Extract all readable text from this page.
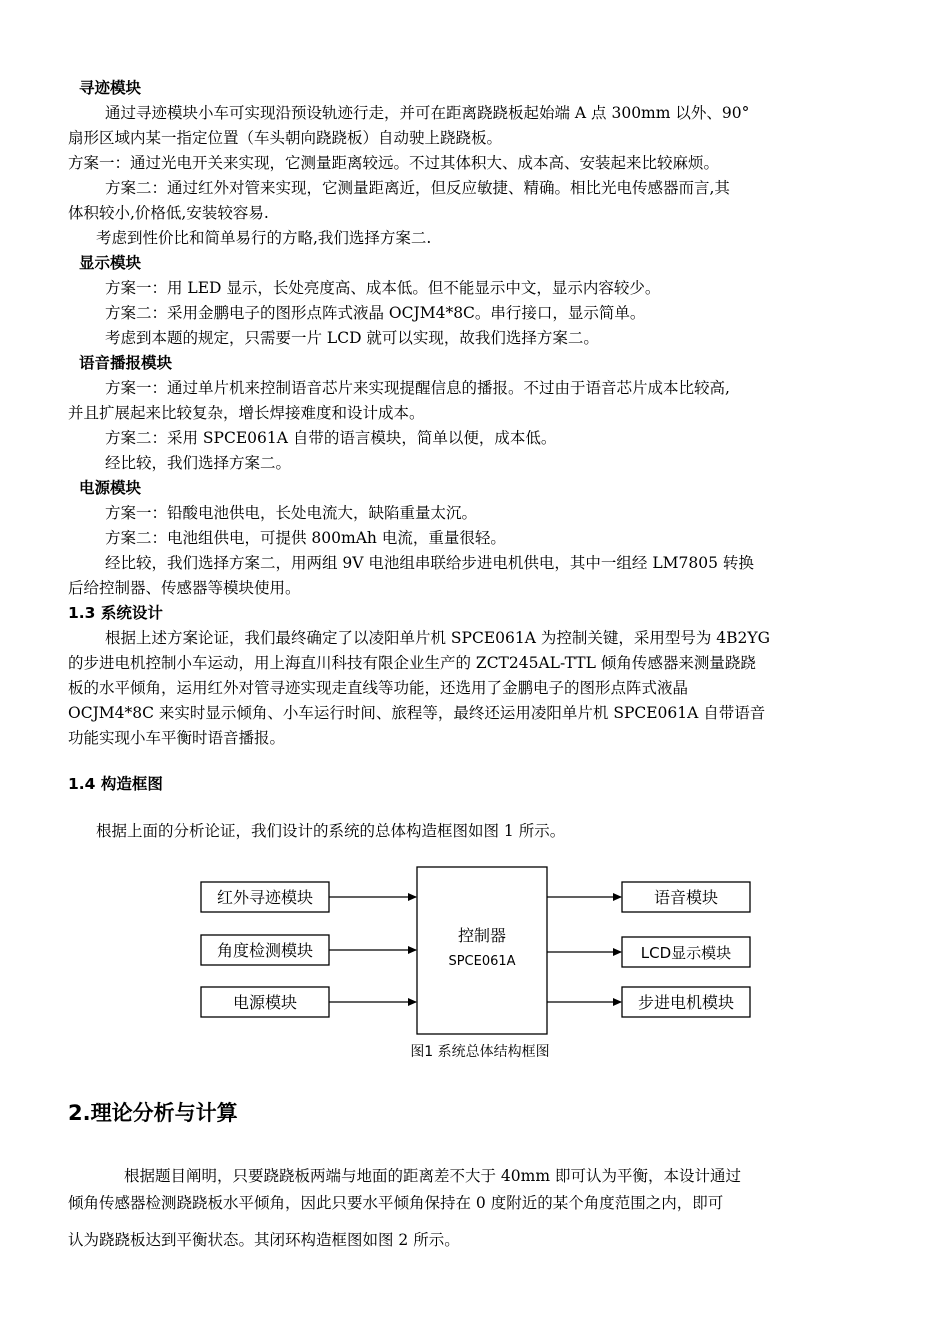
寻迹模块

通过寻迹模块小车可实现沿预设轨迹行走，并可在距离跷跷板起始端 A 点 300mm 以外、90°

扇形区域内某一指定位置（车头朝向跷跷板）自动驶上跷跷板。

方案一：通过光电开关来实现，它测量距离较远。不过其体积大、成本高、安装起来比较麻烦。

方案二：通过红外对管来实现，它测量距离近，但反应敏捷、精确。相比光电传感器而言,其

体积较小,价格低,安装较容易.

考虑到性价比和简单易行的方略,我们选择方案二.

显示模块

方案一：用 LED 显示，长处亮度高、成本低。但不能显示中文，显示内容较少。

方案二：采用金鹏电子的图形点阵式液晶 OCJM4*8C。串行接口，显示简单。

考虑到本题的规定，只需要一片 LCD 就可以实现，故我们选择方案二。

语音播报模块

方案一：通过单片机来控制语音芯片来实现提醒信息的播报。不过由于语音芯片成本比较高,

并且扩展起来比较复杂，增长焊接难度和设计成本。

方案二：采用 SPCE061A 自带的语言模块，简单以便，成本低。

经比较，我们选择方案二。

电源模块

方案一：铅酸电池供电，长处电流大，缺陷重量太沉。

方案二：电池组供电，可提供 800mAh 电流，重量很轻。

经比较，我们选择方案二，用两组 9V 电池组串联给步进电机供电，其中一组经 LM7805 转换

后给控制器、传感器等模块使用。

1.3 系统设计

根据上述方案论证，我们最终确定了以凌阳单片机 SPCE061A 为控制关键，采用型号为 4B2YG

的步进电机控制小车运动，用上海直川科技有限企业生产的 ZCT245AL-TTL 倾角传感器来测量跷跷

板的水平倾角，运用红外对管寻迹实现走直线等功能，还选用了金鹏电子的图形点阵式液晶

OCJM4*8C 来实时显示倾角、小车运行时间、旅程等，最终还运用凌阳单片机 SPCE061A 自带语音

功能实现小车平衡时语音播报。

1.4 构造框图

根据上面的分析论证，我们设计的系统的总体构造框图如图 1 所示。

红外寻迹模块
角度检测模块
电源模块
控制器
SPCE061A
语音模块
LCD显示模块
步进电机模块
图1 系统总体结构框图

2.理论分析与计算

根据题目阐明，只要跷跷板两端与地面的距离差不大于 40mm 即可认为平衡，本设计通过

倾角传感器检测跷跷板水平倾角，因此只要水平倾角保持在 0 度附近的某个角度范围之内，即可

认为跷跷板达到平衡状态。其闭环构造框图如图 2 所示。
